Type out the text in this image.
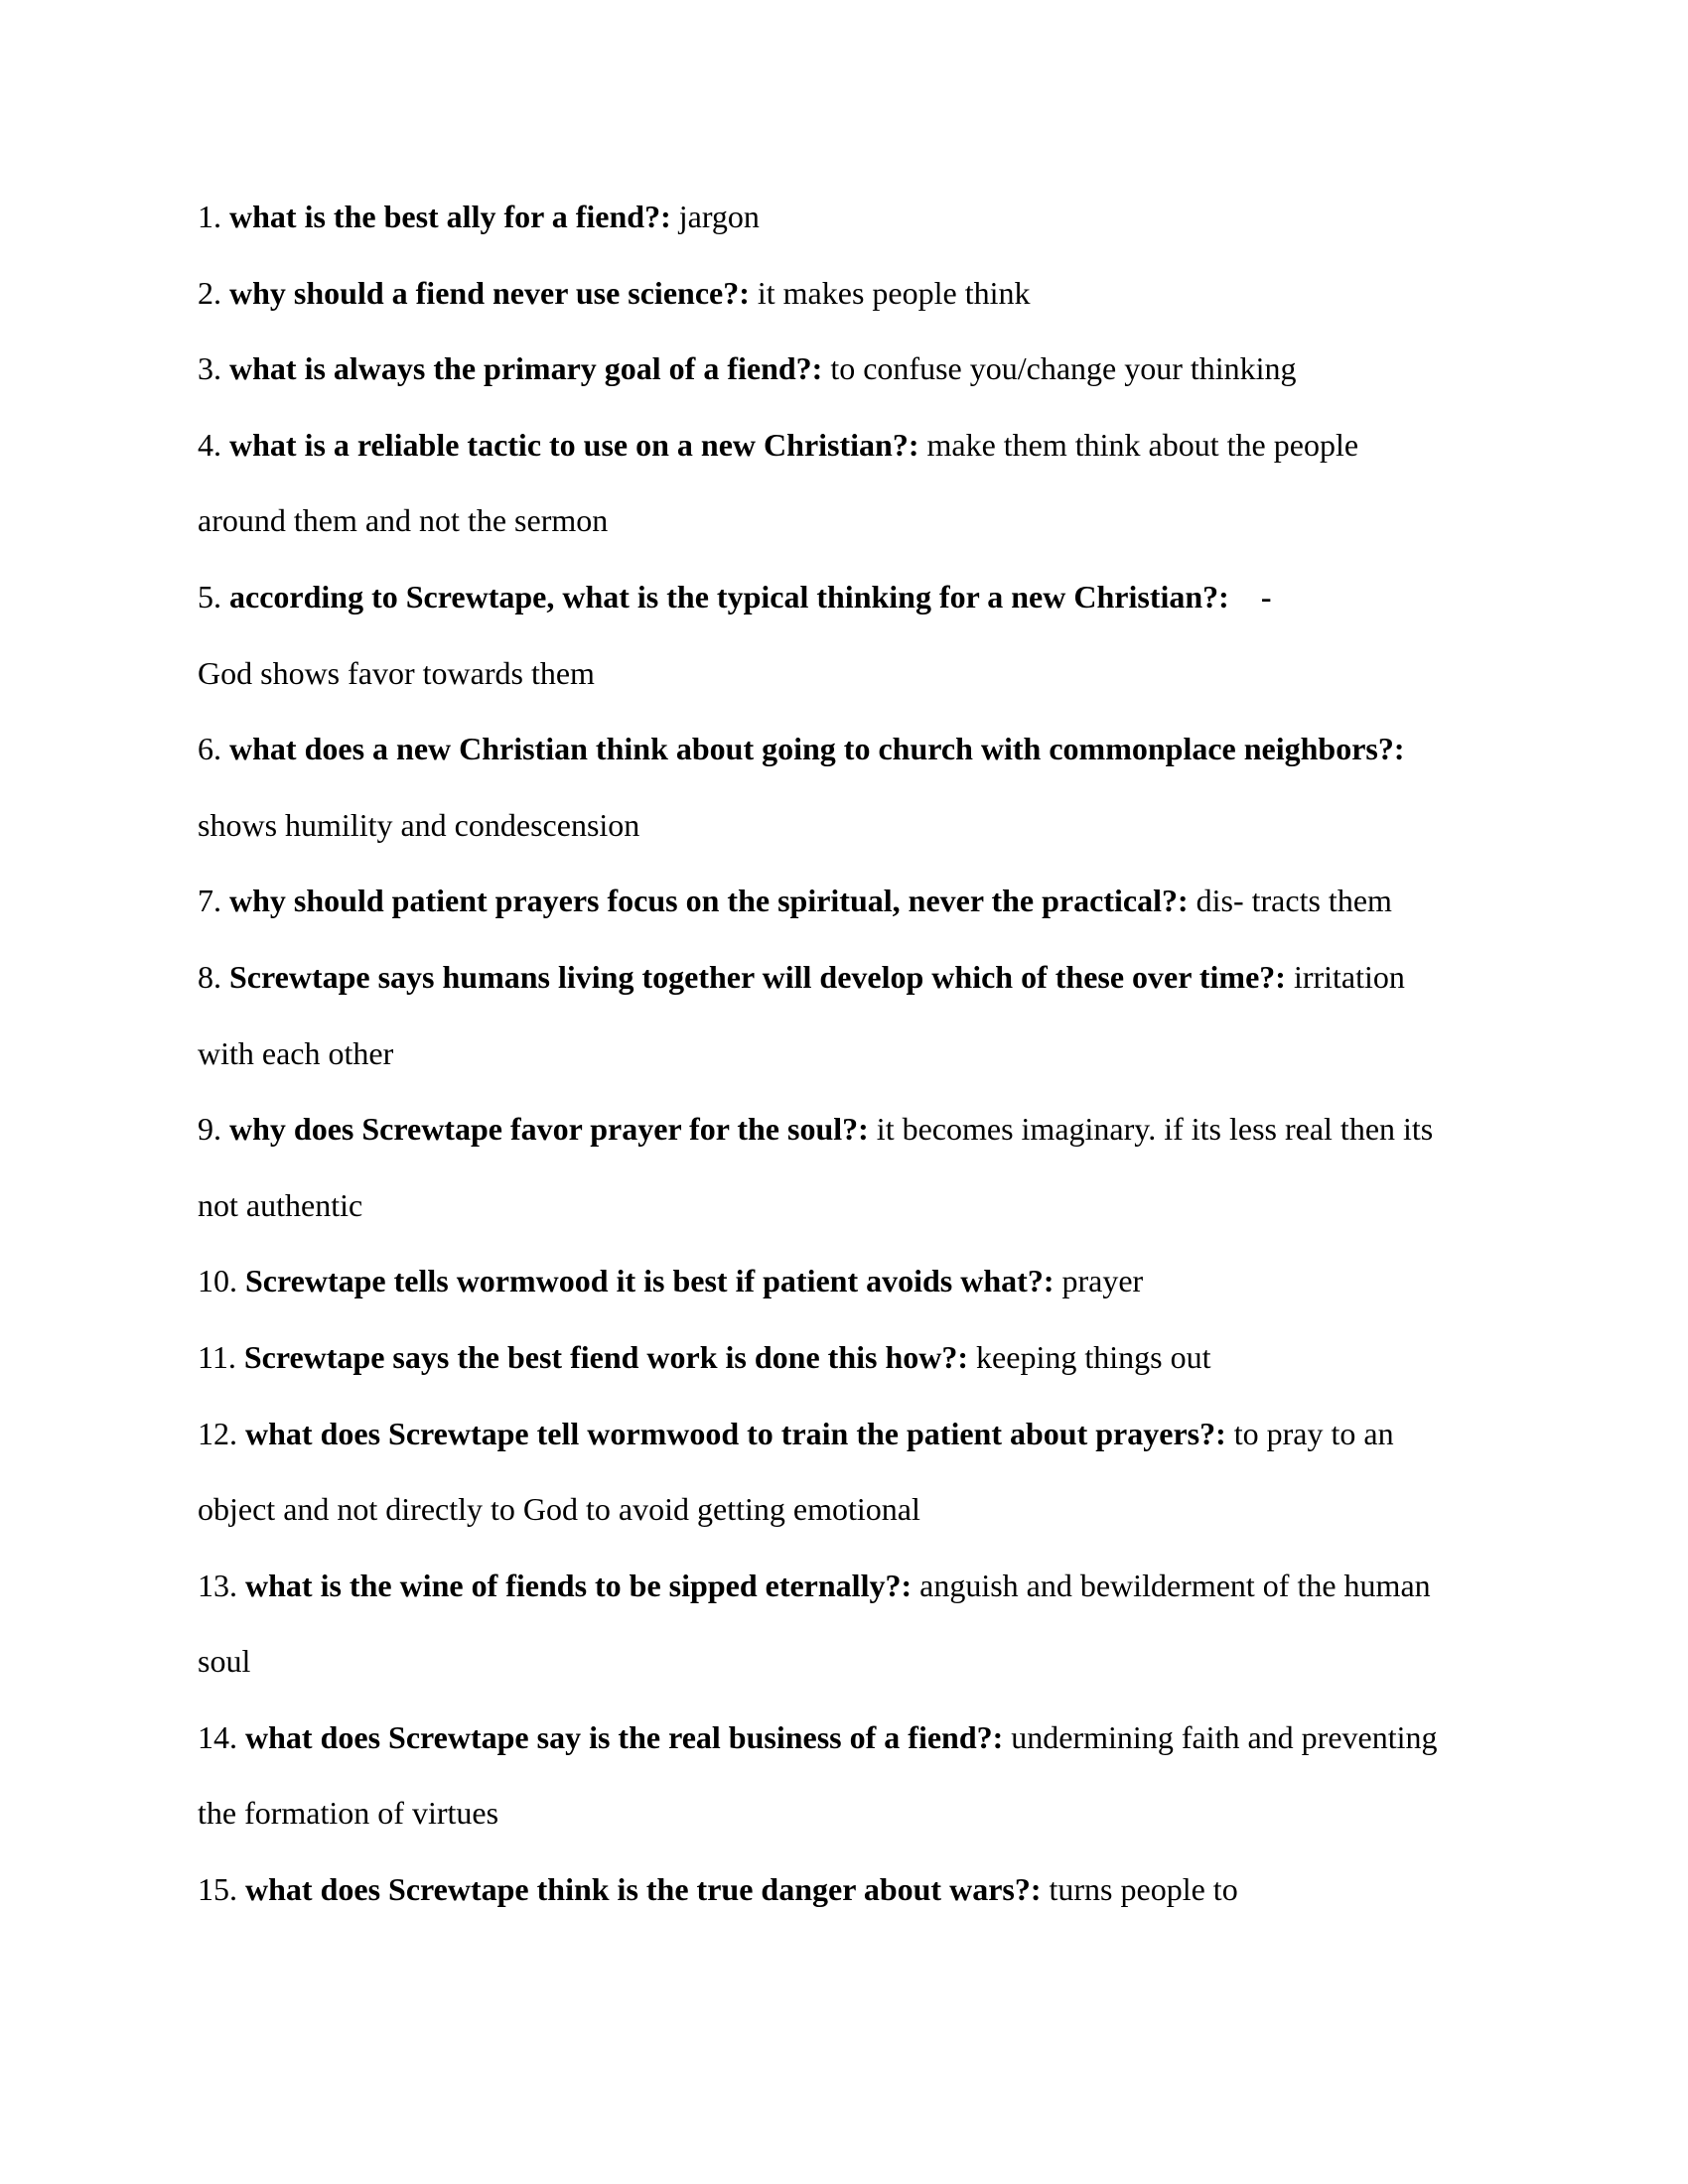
1. what is the best ally for a fiend?: jargon
2. why should a fiend never use science?: it makes people think
3. what is always the primary goal of a fiend?: to confuse you/change your thinking
4. what is a reliable tactic to use on a new Christian?: make them think about the people
around them and not the sermon
5. according to Screwtape, what is the typical thinking for a new Christian?: -
God shows favor towards them
6. what does a new Christian think about going to church with commonplace neighbors?:
shows humility and condescension
7. why should patient prayers focus on the spiritual, never the practical?: dis- tracts them
8. Screwtape says humans living together will develop which of these over time?: irritation
with each other
9. why does Screwtape favor prayer for the soul?: it becomes imaginary. if its less real then its
not authentic
10. Screwtape tells wormwood it is best if patient avoids what?: prayer
11. Screwtape says the best fiend work is done this how?: keeping things out
12. what does Screwtape tell wormwood to train the patient about prayers?: to pray to an
object and not directly to God to avoid getting emotional
13. what is the wine of fiends to be sipped eternally?: anguish and bewilderment of the human
soul
14. what does Screwtape say is the real business of a fiend?: undermining faith and preventing
the formation of virtues
15. what does Screwtape think is the true danger about wars?: turns people to
